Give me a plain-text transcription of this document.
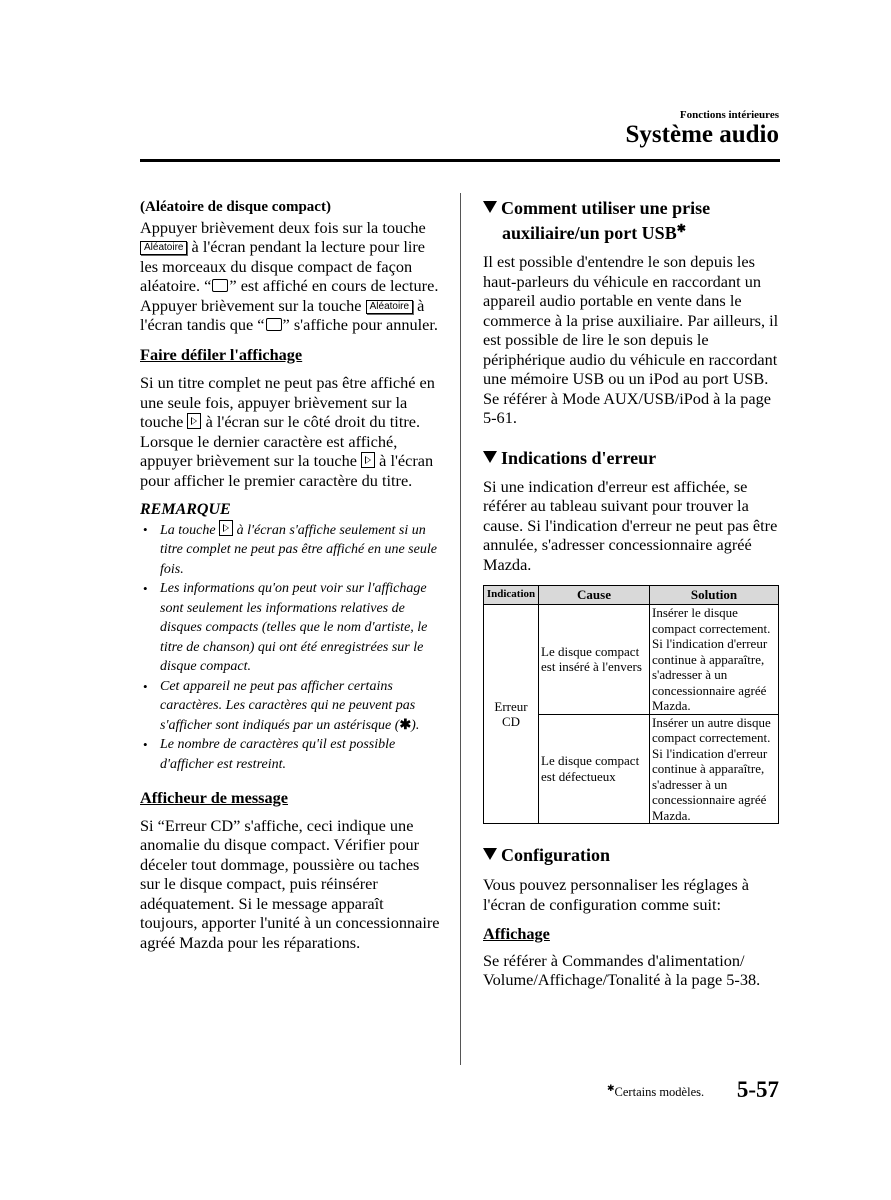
Fonctions intérieures
Système audio

(Aléatoire de disque compact)

Appuyer brièvement deux fois sur la touche Aléatoire à l'écran pendant la lecture pour lire les morceaux du disque compact de façon aléatoire. “ ” est affiché en cours de lecture.

Appuyer brièvement sur la touche Aléatoire à l'écran tandis que “ ” s'affiche pour annuler.

Faire défiler l'affichage

Si un titre complet ne peut pas être affiché en une seule fois, appuyer brièvement sur la touche à l'écran sur le côté droit du titre. Lorsque le dernier caractère est affiché, appuyer brièvement sur la touche à l'écran pour afficher le premier caractère du titre.

REMARQUE

• La touche à l'écran s'affiche seulement si un titre complet ne peut pas être affiché en une seule fois.
• Les informations qu'on peut voir sur l'affichage sont seulement les informations relatives de disques compacts (telles que le nom d'artiste, le titre de chanson) qui ont été enregistrées sur le disque compact.
• Cet appareil ne peut pas afficher certains caractères. Les caractères qui ne peuvent pas s'afficher sont indiqués par un astérisque (✱).
• Le nombre de caractères qu'il est possible d'afficher est restreint.

Afficheur de message

Si “Erreur CD” s'affiche, ceci indique une anomalie du disque compact. Vérifier pour déceler tout dommage, poussière ou taches sur le disque compact, puis réinsérer adéquatement. Si le message apparaît toujours, apporter l'unité à un concessionnaire agréé Mazda pour les réparations.

Comment utiliser une prise
auxiliaire/un port USB✱

Il est possible d'entendre le son depuis les haut-parleurs du véhicule en raccordant un appareil audio portable en vente dans le commerce à la prise auxiliaire. Par ailleurs, il est possible de lire le son depuis le périphérique audio du véhicule en raccordant une mémoire USB ou un iPod au port USB.

Se référer à Mode AUX/USB/iPod à la page 5-61.

Indications d'erreur

Si une indication d'erreur est affichée, se référer au tableau suivant pour trouver la cause. Si l'indication d'erreur ne peut pas être annulée, s'adresser concessionnaire agréé Mazda.

Indication	Cause	Solution
Erreur CD	Le disque compact est inséré à l'envers	Insérer le disque compact correctement. Si l'indication d'erreur continue à apparaître, s'adresser à un concessionnaire agréé Mazda.
	Le disque compact est défectueux	Insérer un autre disque compact correctement. Si l'indication d'erreur continue à apparaître, s'adresser à un concessionnaire agréé Mazda.
Configuration

Vous pouvez personnaliser les réglages à l'écran de configuration comme suit:

Affichage

Se référer à Commandes d'alimentation/ Volume/Affichage/Tonalité à la page 5-38.

✱Certains modèles. 5-57
